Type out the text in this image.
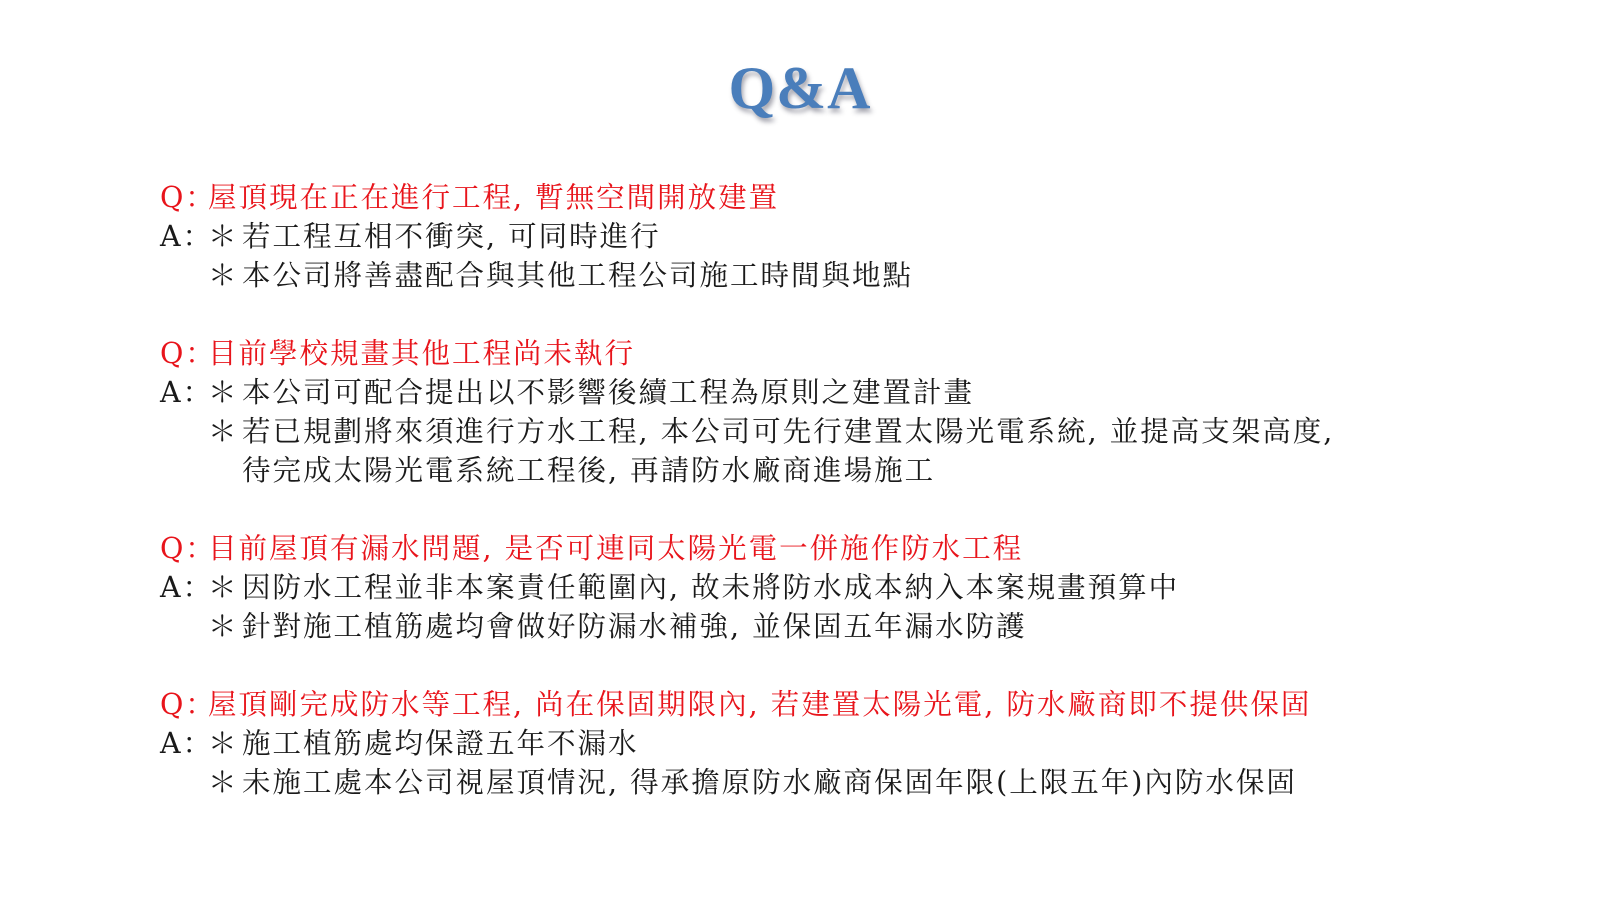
Q&A
Q：屋頂現在正在進行工程, 暫無空間開放建置
A：＊ 若工程互相不衝突, 可同時進行
＊ 本公司將善盡配合與其他工程公司施工時間與地點
Q：目前學校規畫其他工程尚未執行
A：＊ 本公司可配合提出以不影響後續工程為原則之建置計畫
＊ 若已規劃將來須進行方水工程, 本公司可先行建置太陽光電系統, 並提高支架高度,
待完成太陽光電系統工程後, 再請防水廠商進場施工
Q：目前屋頂有漏水問題, 是否可連同太陽光電一併施作防水工程
A：＊ 因防水工程並非本案責任範圍內, 故未將防水成本納入本案規畫預算中
＊ 針對施工植筋處均會做好防漏水補強, 並保固五年漏水防護
Q：屋頂剛完成防水等工程, 尚在保固期限內, 若建置太陽光電, 防水廠商即不提供保固
A：＊ 施工植筋處均保證五年不漏水
＊ 未施工處本公司視屋頂情況, 得承擔原防水廠商保固年限(上限五年)內防水保固
